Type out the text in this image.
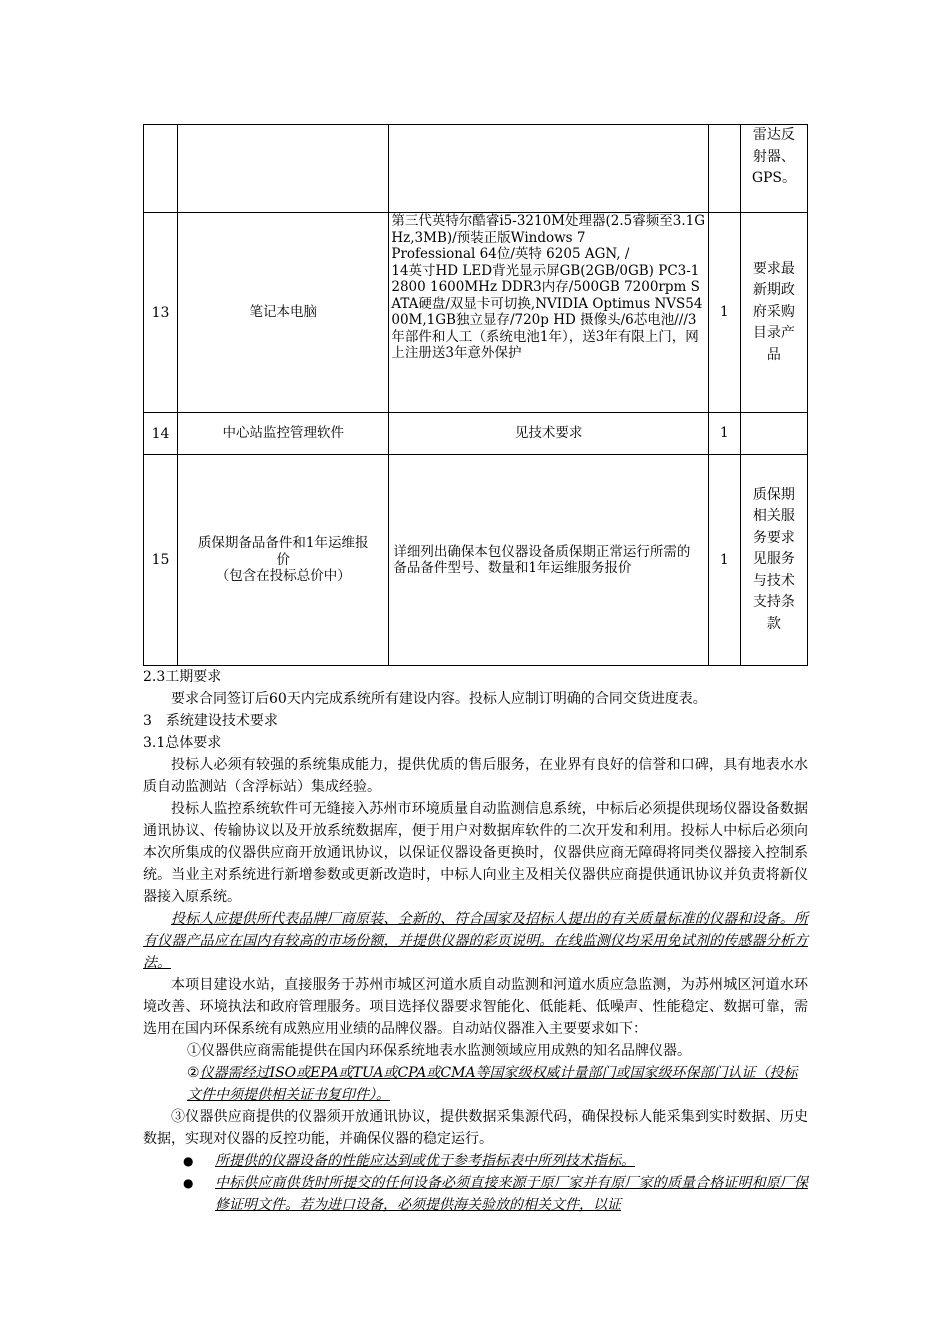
				雷达反射器、GPS。

13	笔记本电脑	第三代英特尔酷睿i5-3210M处理器(2.5睿频至3.1GHz,3MB)/预装正版Windows 7
Professional 64位/英特 6205 AGN, /
14英寸HD LED背光显示屏GB(2GB/0GB) PC3-12800 1600MHz DDR3内存/500GB 7200rpm SATA硬盘/双显卡可切换,NVIDIA Optimus NVS5400M,1GB独立显存/720p HD 摄像头/6芯电池///3年部件和人工（系统电池1年），送3年有限上门，网上注册送3年意外保护	1	要求最新期政府采购目录产品

14	中心站监控管理软件	见技术要求	1	

15	质保期备品备件和1年运维报价
（包含在投标总价中）	详细列出确保本包仪器设备质保期正常运行所需的备品备件型号、数量和1年运维服务报价	1	质保期相关服务要求见服务与技术支持条款

2.3工期要求

要求合同签订后60天内完成系统所有建设内容。投标人应制订明确的合同交货进度表。

3　系统建设技术要求

3.1总体要求

投标人必须有较强的系统集成能力，提供优质的售后服务，在业界有良好的信誉和口碑，具有地表水水质自动监测站（含浮标站）集成经验。

投标人监控系统软件可无缝接入苏州市环境质量自动监测信息系统，中标后必须提供现场仪器设备数据通讯协议、传输协议以及开放系统数据库，便于用户对数据库软件的二次开发和利用。投标人中标后必须向本次所集成的仪器供应商开放通讯协议，以保证仪器设备更换时，仪器供应商无障碍将同类仪器接入控制系统。当业主对系统进行新增参数或更新改造时，中标人向业主及相关仪器供应商提供通讯协议并负责将新仪器接入原系统。

投标人应提供所代表品牌厂商原装、全新的、符合国家及招标人提出的有关质量标准的仪器和设备。所有仪器产品应在国内有较高的市场份额，并提供仪器的彩页说明。在线监测仪均采用免试剂的传感器分析方法。

本项目建设水站，直接服务于苏州市城区河道水质自动监测和河道水质应急监测，为苏州城区河道水环境改善、环境执法和政府管理服务。项目选择仪器要求智能化、低能耗、低噪声、性能稳定、数据可靠，需选用在国内环保系统有成熟应用业绩的品牌仪器。自动站仪器准入主要要求如下：

①仪器供应商需能提供在国内环保系统地表水监测领域应用成熟的知名品牌仪器。

②仪器需经过ISO或EPA或TUA或CPA或CMA等国家级权威计量部门或国家级环保部门认证（投标文件中须提供相关证书复印件）。

③仪器供应商提供的仪器须开放通讯协议，提供数据采集源代码，确保投标人能采集到实时数据、历史数据，实现对仪器的反控功能，并确保仪器的稳定运行。

● 所提供的仪器设备的性能应达到或优于参考指标表中所列技术指标。

● 中标供应商供货时所提交的任何设备必须直接来源于原厂家并有原厂家的质量合格证明和原厂保修证明文件。若为进口设备，必须提供海关验放的相关文件，以证
